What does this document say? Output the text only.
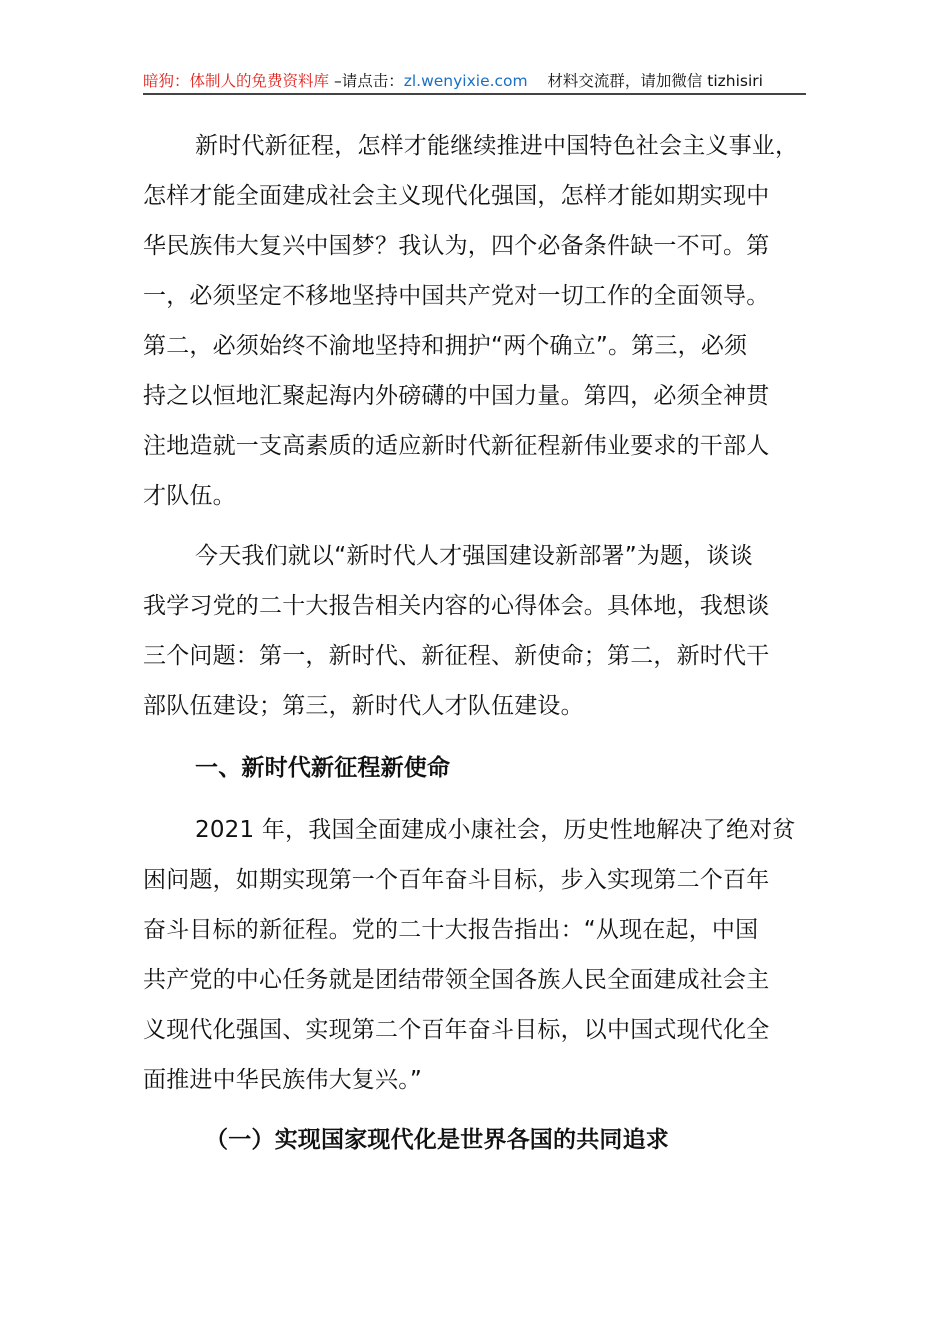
暗狗：体制人的免费资料库 –请点击：zl.wenyixie.com    材料交流群，请加微信 tizhisiri
新时代新征程，怎样才能继续推进中国特色社会主义事业，
怎样才能全面建成社会主义现代化强国，怎样才能如期实现中
华民族伟大复兴中国梦？我认为，四个必备条件缺一不可。第
一，必须坚定不移地坚持中国共产党对一切工作的全面领导。
第二，必须始终不渝地坚持和拥护“两个确立”。第三，必须
持之以恒地汇聚起海内外磅礴的中国力量。第四，必须全神贯
注地造就一支高素质的适应新时代新征程新伟业要求的干部人
才队伍。
今天我们就以“新时代人才强国建设新部署”为题，谈谈
我学习党的二十大报告相关内容的心得体会。具体地，我想谈
三个问题：第一，新时代、新征程、新使命；第二，新时代干
部队伍建设；第三，新时代人才队伍建设。
一、新时代新征程新使命
2021 年，我国全面建成小康社会，历史性地解决了绝对贫
困问题，如期实现第一个百年奋斗目标，步入实现第二个百年
奋斗目标的新征程。党的二十大报告指出：“从现在起，中国
共产党的中心任务就是团结带领全国各族人民全面建成社会主
义现代化强国、实现第二个百年奋斗目标，以中国式现代化全
面推进中华民族伟大复兴。”
（一）实现国家现代化是世界各国的共同追求
